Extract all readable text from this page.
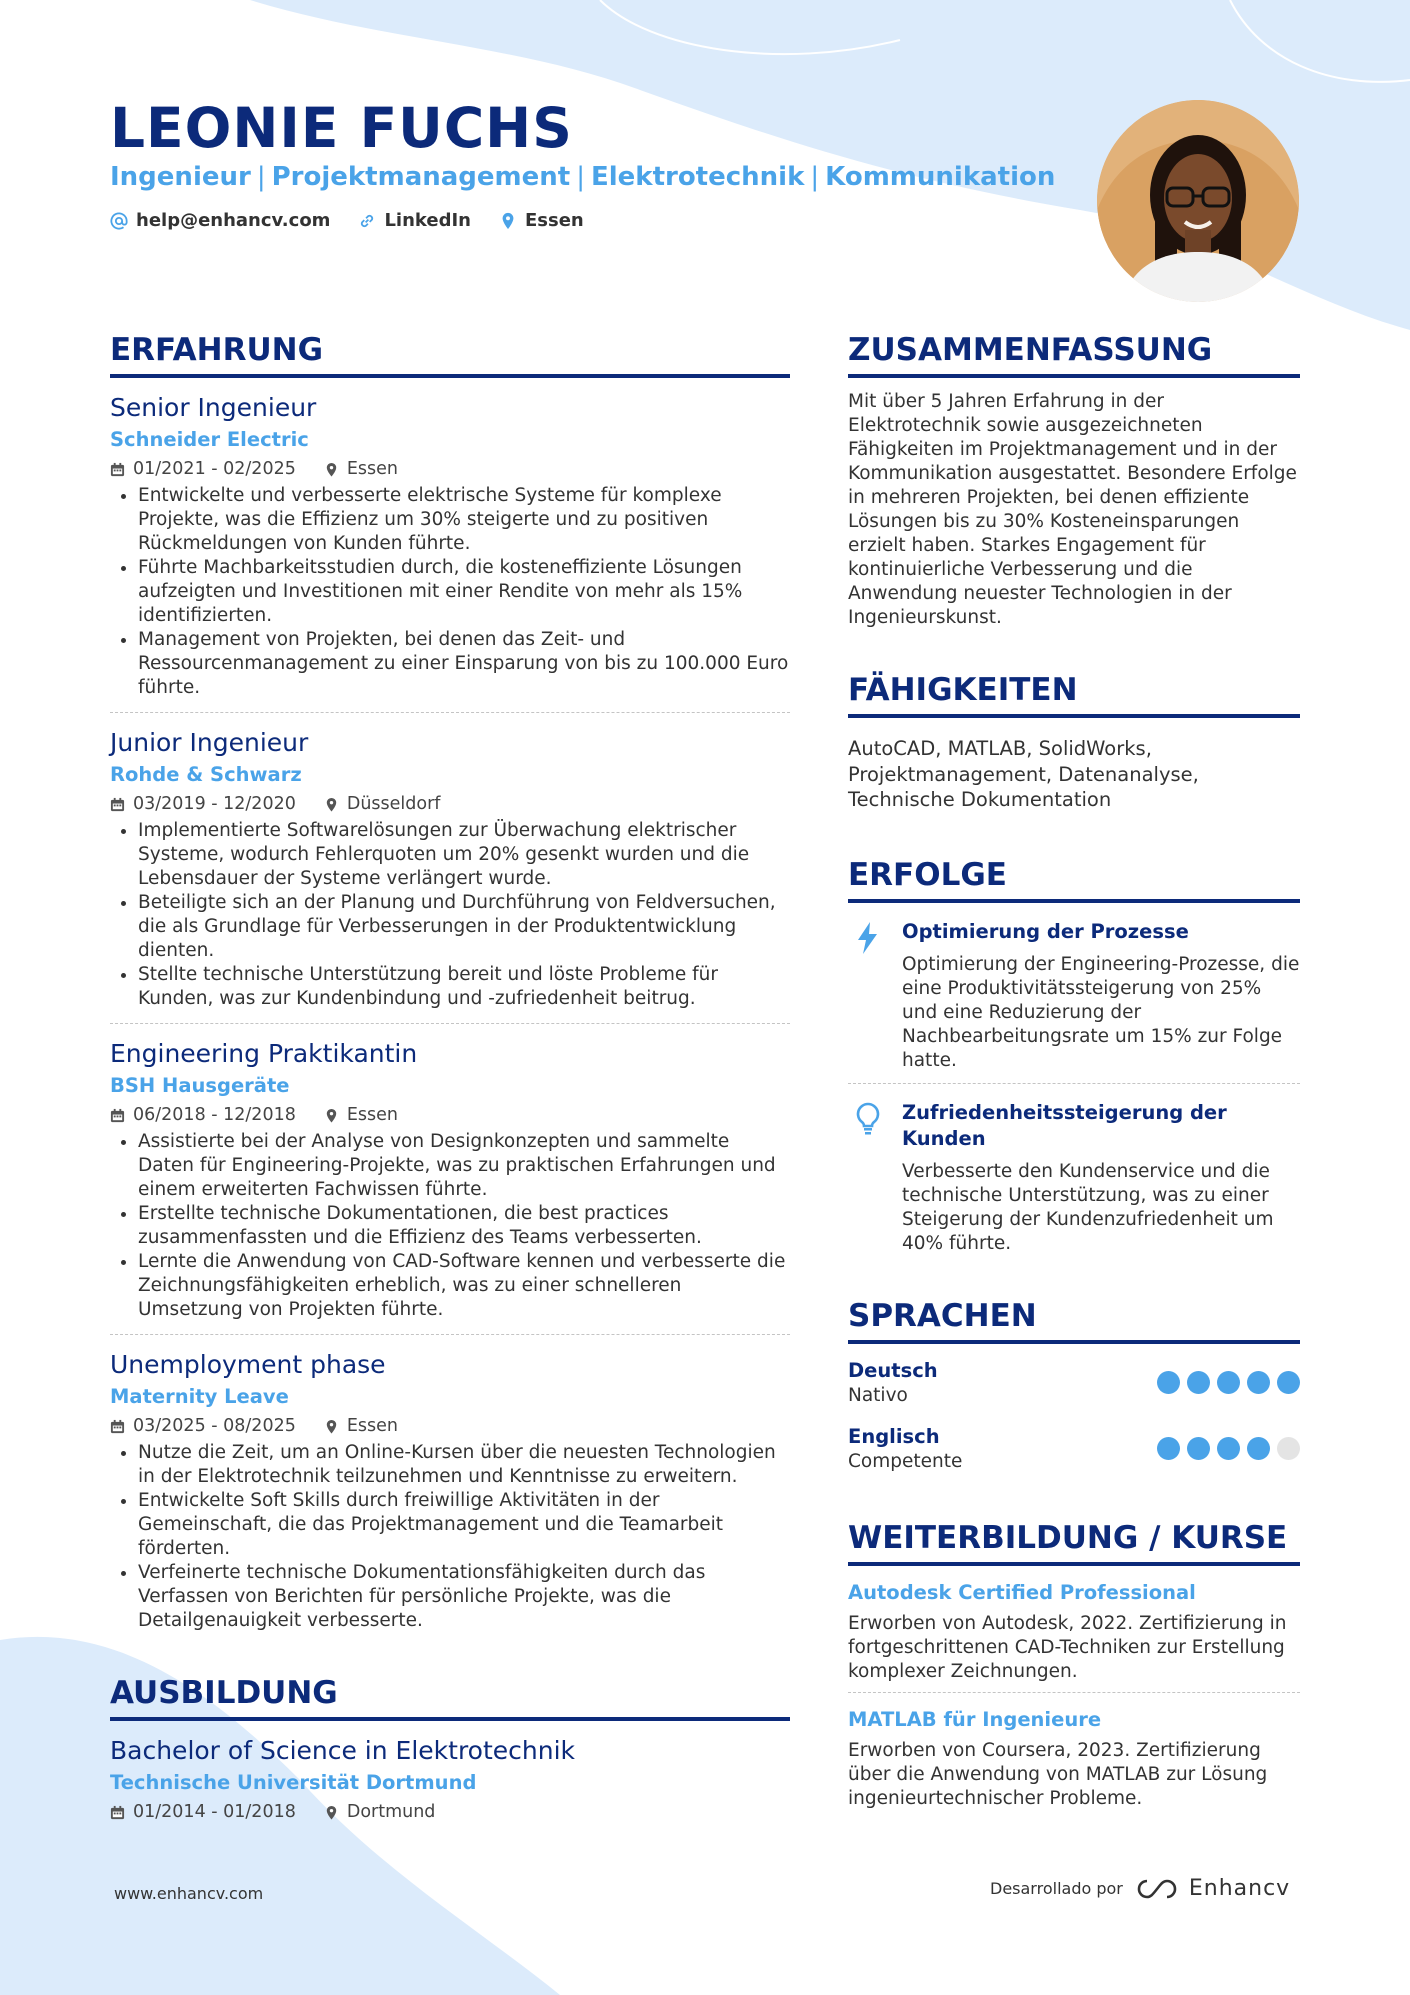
LEONIE FUCHS
Ingenieur | Projektmanagement | Elektrotechnik | Kommunikation
help@enhancv.com	LinkedIn	Essen
ERFAHRUNG
Senior Ingenieur
Schneider Electric
01/2021 - 02/2025	Essen
• Entwickelte und verbesserte elektrische Systeme für komplexe Projekte, was die Effizienz um 30% steigerte und zu positiven Rückmeldungen von Kunden führte.
• Führte Machbarkeitsstudien durch, die kosteneffiziente Lösungen aufzeigten und Investitionen mit einer Rendite von mehr als 15% identifizierten.
• Management von Projekten, bei denen das Zeit- und Ressourcenmanagement zu einer Einsparung von bis zu 100.000 Euro führte.
Junior Ingenieur
Rohde & Schwarz
03/2019 - 12/2020	Düsseldorf
• Implementierte Softwarelösungen zur Überwachung elektrischer Systeme, wodurch Fehlerquoten um 20% gesenkt wurden und die Lebensdauer der Systeme verlängert wurde.
• Beteiligte sich an der Planung und Durchführung von Feldversuchen, die als Grundlage für Verbesserungen in der Produktentwicklung dienten.
• Stellte technische Unterstützung bereit und löste Probleme für Kunden, was zur Kundenbindung und -zufriedenheit beitrug.
Engineering Praktikantin
BSH Hausgeräte
06/2018 - 12/2018	Essen
• Assistierte bei der Analyse von Designkonzepten und sammelte Daten für Engineering-Projekte, was zu praktischen Erfahrungen und einem erweiterten Fachwissen führte.
• Erstellte technische Dokumentationen, die best practices zusammenfassten und die Effizienz des Teams verbesserten.
• Lernte die Anwendung von CAD-Software kennen und verbesserte die Zeichnungsfähigkeiten erheblich, was zu einer schnelleren Umsetzung von Projekten führte.
Unemployment phase
Maternity Leave
03/2025 - 08/2025	Essen
• Nutze die Zeit, um an Online-Kursen über die neuesten Technologien in der Elektrotechnik teilzunehmen und Kenntnisse zu erweitern.
• Entwickelte Soft Skills durch freiwillige Aktivitäten in der Gemeinschaft, die das Projektmanagement und die Teamarbeit förderten.
• Verfeinerte technische Dokumentationsfähigkeiten durch das Verfassen von Berichten für persönliche Projekte, was die Detailgenauigkeit verbesserte.
AUSBILDUNG
Bachelor of Science in Elektrotechnik
Technische Universität Dortmund
01/2014 - 01/2018	Dortmund
ZUSAMMENFASSUNG
Mit über 5 Jahren Erfahrung in der Elektrotechnik sowie ausgezeichneten Fähigkeiten im Projektmanagement und in der Kommunikation ausgestattet. Besondere Erfolge in mehreren Projekten, bei denen effiziente Lösungen bis zu 30% Kosteneinsparungen erzielt haben. Starkes Engagement für kontinuierliche Verbesserung und die Anwendung neuester Technologien in der Ingenieurskunst.
FÄHIGKEITEN
AutoCAD, MATLAB, SolidWorks, Projektmanagement, Datenanalyse, Technische Dokumentation
ERFOLGE
Optimierung der Prozesse
Optimierung der Engineering-Prozesse, die eine Produktivitätssteigerung von 25% und eine Reduzierung der Nachbearbeitungsrate um 15% zur Folge hatte.
Zufriedenheitssteigerung der Kunden
Verbesserte den Kundenservice und die technische Unterstützung, was zu einer Steigerung der Kundenzufriedenheit um 40% führte.
SPRACHEN
Deutsch
Nativo
Englisch
Competente
WEITERBILDUNG / KURSE
Autodesk Certified Professional
Erworben von Autodesk, 2022. Zertifizierung in fortgeschrittenen CAD-Techniken zur Erstellung komplexer Zeichnungen.
MATLAB für Ingenieure
Erworben von Coursera, 2023. Zertifizierung über die Anwendung von MATLAB zur Lösung ingenieurtechnischer Probleme.
www.enhancv.com	Desarrollado por	Enhancv
